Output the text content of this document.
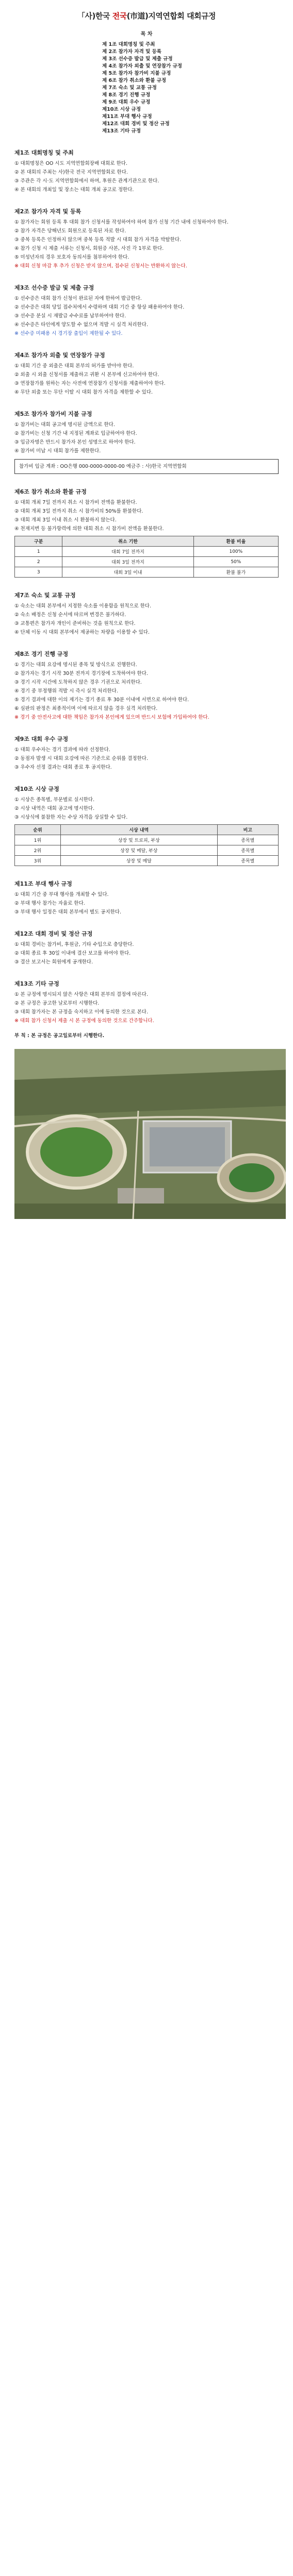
「사)한국 전국(市道)지역연합회 대회규정
목 차
제 1조 대회명칭 및 주최
제 2조 참가자 자격 및 등록
제 3조 선수증 발급 및 제출 규정
제 4조 참가자 외출 및 연장참가 규정
제 5조 참가자 참가비 지불 규정
제 6조 참가 취소와 환불 규정
제 7조 숙소 및 교통 규정
제 8조 경기 진행 규정
제 9조 대회 우수 규정
제10조 시상 규정
제11조 부대 행사 규정
제12조 대회 경비 및 정산 규정
제13조 기타 규정
제1조 대회명칭 및 주최
① 대회명칭은 OO 시도 지역연합회장배 대회로 한다.
② 본 대회의 주최는 사)한국 전국 지역연합회로 한다.
③ 주관은 각 시·도 지역연합회에서 하며, 후원은 관계기관으로 한다.
④ 본 대회의 개최일 및 장소는 대회 개최 공고로 정한다.
제2조 참가자 자격 및 등록
① 참가자는 회원 등록 후 대회 참가 신청서를 작성하여야 하며 참가 신청 기간 내에 신청하여야 한다.
② 참가 자격은 당해년도 회원으로 등록된 자로 한다.
③ 중복 등록은 인정하지 않으며 중복 등록 적발 시 대회 참가 자격을 박탈한다.
④ 참가 신청 시 제출 서류는 신청서, 회원증 사본, 사진 각 1부로 한다.
⑤ 미성년자의 경우 보호자 동의서를 첨부하여야 한다.
※ 대회 신청 마감 후 추가 신청은 받지 않으며, 접수된 신청서는 반환하지 않는다.
제3조 선수증 발급 및 제출 규정
① 선수증은 대회 참가 신청이 완료된 자에 한하여 발급한다.
② 선수증은 대회 당일 접수처에서 수령하며 대회 기간 중 항상 패용하여야 한다.
③ 선수증 분실 시 재발급 수수료를 납부하여야 한다.
④ 선수증은 타인에게 양도할 수 없으며 적발 시 실격 처리한다.
※ 선수증 미패용 시 경기장 출입이 제한될 수 있다.
제4조 참가자 외출 및 연장참가 규정
① 대회 기간 중 외출은 대회 본부의 허가를 받아야 한다.
② 외출 시 외출 신청서를 제출하고 귀환 시 본부에 신고하여야 한다.
③ 연장참가를 원하는 자는 사전에 연장참가 신청서를 제출하여야 한다.
④ 무단 외출 또는 무단 이탈 시 대회 참가 자격을 제한할 수 있다.
제5조 참가자 참가비 지불 규정
① 참가비는 대회 공고에 명시된 금액으로 한다.
② 참가비는 신청 기간 내 지정된 계좌로 입금하여야 한다.
③ 입금자명은 반드시 참가자 본인 성명으로 하여야 한다.
④ 참가비 미납 시 대회 참가를 제한한다.
참가비 입금 계좌 : OO은행 000-0000-0000-00 예금주 : 사)한국 지역연합회
제6조 참가 취소와 환불 규정
① 대회 개최 7일 전까지 취소 시 참가비 전액을 환불한다.
② 대회 개최 3일 전까지 취소 시 참가비의 50%를 환불한다.
③ 대회 개최 3일 이내 취소 시 환불하지 않는다.
④ 천재지변 등 불가항력에 의한 대회 취소 시 참가비 전액을 환불한다.
구분	취소 기한	환불 비율
1	대회 7일 전까지	100%
2	대회 3일 전까지	50%
3	대회 3일 이내	환불 불가
제7조 숙소 및 교통 규정
① 숙소는 대회 본부에서 지정한 숙소를 이용함을 원칙으로 한다.
② 숙소 배정은 신청 순서에 따르며 변경은 불가하다.
③ 교통편은 참가자 개인이 준비하는 것을 원칙으로 한다.
④ 단체 이동 시 대회 본부에서 제공하는 차량을 이용할 수 있다.
제8조 경기 진행 규정
① 경기는 대회 요강에 명시된 종목 및 방식으로 진행한다.
② 참가자는 경기 시작 30분 전까지 경기장에 도착하여야 한다.
③ 경기 시작 시간에 도착하지 않은 경우 기권으로 처리한다.
④ 경기 중 부정행위 적발 시 즉시 실격 처리한다.
⑤ 경기 결과에 대한 이의 제기는 경기 종료 후 30분 이내에 서면으로 하여야 한다.
⑥ 심판의 판정은 최종적이며 이에 따르지 않을 경우 실격 처리한다.
※ 경기 중 안전사고에 대한 책임은 참가자 본인에게 있으며 반드시 보험에 가입하여야 한다.
제9조 대회 우수 규정
① 대회 우수자는 경기 결과에 따라 선정한다.
② 동점자 발생 시 대회 요강에 따른 기준으로 순위를 결정한다.
③ 우수자 선정 결과는 대회 종료 후 공지한다.
제10조 시상 규정
① 시상은 종목별, 부문별로 실시한다.
② 시상 내역은 대회 공고에 명시한다.
③ 시상식에 불참한 자는 수상 자격을 상실할 수 있다.
순위	시상 내역	비고
1위	상장 및 트로피, 부상	종목별
2위	상장 및 메달, 부상	종목별
3위	상장 및 메달	종목별
제11조 부대 행사 규정
① 대회 기간 중 부대 행사를 개최할 수 있다.
② 부대 행사 참가는 자율로 한다.
③ 부대 행사 일정은 대회 본부에서 별도 공지한다.
제12조 대회 경비 및 정산 규정
① 대회 경비는 참가비, 후원금, 기타 수입으로 충당한다.
② 대회 종료 후 30일 이내에 결산 보고를 하여야 한다.
③ 결산 보고서는 회원에게 공개한다.
제13조 기타 규정
① 본 규정에 명시되지 않은 사항은 대회 본부의 결정에 따른다.
② 본 규정은 공고한 날로부터 시행한다.
③ 대회 참가자는 본 규정을 숙지하고 이에 동의한 것으로 본다.
※ 대회 참가 신청서 제출 시 본 규정에 동의한 것으로 간주합니다.
부 칙 : 본 규정은 공고일로부터 시행한다.
